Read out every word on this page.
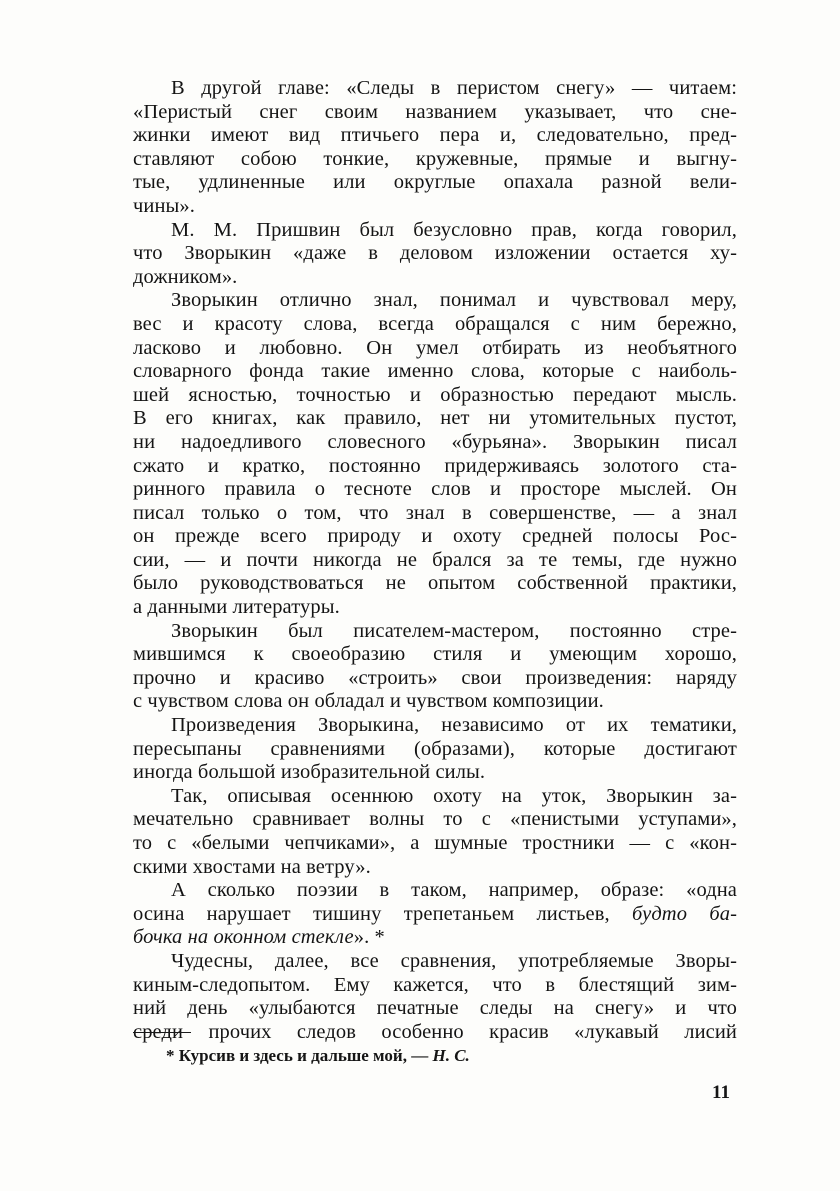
В другой главе: «Следы в перистом снегу» — читаем:
«Перистый снег своим названием указывает, что сне-
жинки имеют вид птичьего пера и, следовательно, пред-
ставляют собою тонкие, кружевные, прямые и выгну-
тые, удлиненные или округлые опахала разной вели-
чины».
М. М. Пришвин был безусловно прав, когда говорил,
что Зворыкин «даже в деловом изложении остается ху-
дожником».
Зворыкин отлично знал, понимал и чувствовал меру,
вес и красоту слова, всегда обращался с ним бережно,
ласково и любовно. Он умел отбирать из необъятного
словарного фонда такие именно слова, которые с наиболь-
шей ясностью, точностью и образностью передают мысль.
В его книгах, как правило, нет ни утомительных пустот,
ни надоедливого словесного «бурьяна». Зворыкин писал
сжато и кратко, постоянно придерживаясь золотого ста-
ринного правила о тесноте слов и просторе мыслей. Он
писал только о том, что знал в совершенстве, — а знал
он прежде всего природу и охоту средней полосы Рос-
сии, — и почти никогда не брался за те темы, где нужно
было руководствоваться не опытом собственной практики,
а данными литературы.
Зворыкин был писателем-мастером, постоянно стре-
мившимся к своеобразию стиля и умеющим хорошо,
прочно и красиво «строить» свои произведения: наряду
с чувством слова он обладал и чувством композиции.
Произведения Зворыкина, независимо от их тематики,
пересыпаны сравнениями (образами), которые достигают
иногда большой изобразительной силы.
Так, описывая осеннюю охоту на уток, Зворыкин за-
мечательно сравнивает волны то с «пенистыми уступами»,
то с «белыми чепчиками», а шумные тростники — с «кон-
скими хвостами на ветру».
А сколько поэзии в таком, например, образе: «одна
осина нарушает тишину трепетаньем листьев, будто ба-
бочка на оконном стекле». *
Чудесны, далее, все сравнения, употребляемые Зворы-
киным-следопытом. Ему кажется, что в блестящий зим-
ний день «улыбаются печатные следы на снегу» и что
среди прочих следов особенно красив «лукавый лисий
* Курсив и здесь и дальше мой, — Н. С.
11
